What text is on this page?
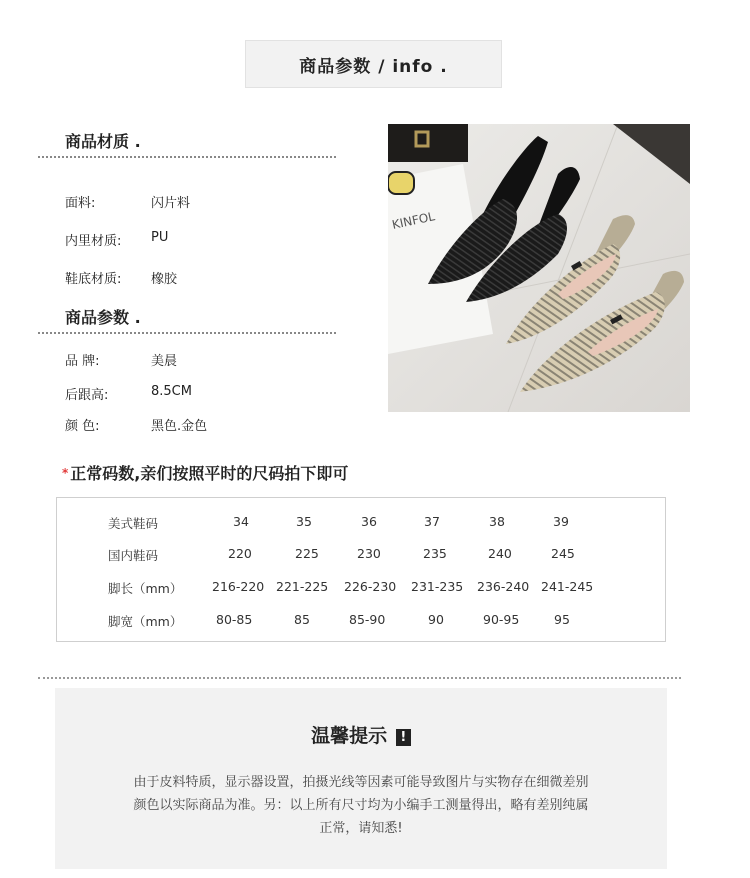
商品参数 / info .
商品材质 .
面料:	闪片料
内里材质: PU
鞋底材质: 橡胶
商品参数 .
品 牌:	美晨
后跟高:	8.5CM
颜 色:	黑色.金色
KINFOL
* 正常码数,亲们按照平时的尺码拍下即可
美式鞋码	34	35	36	37	38	39
国内鞋码	220	225	230	235	240	245
脚长（mm） 216-220 221-225 226-230 231-235 236-240 241-245
脚宽（mm）	80-85	85	85-90	90	90-95	95
温馨提示 !
由于皮料特质，显示器设置，拍摄光线等因素可能导致图片与实物存在细微差别
颜色以实际商品为准。另：以上所有尺寸均为小编手工测量得出，略有差别纯属
正常，请知悉!
